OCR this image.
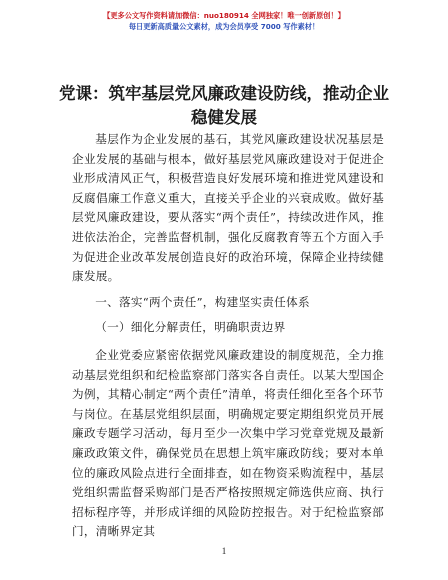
【更多公文写作资料请加微信：nuo180914 全网独家！唯一创新原创！】
每日更新高质量公文素材，成为会员享受 7000 写作素材！
党课：筑牢基层党风廉政建设防线，推动企业
稳健发展

基层作为企业发展的基石，其党风廉政建设状况基层是企业发展的基础与根本，做好基层党风廉政建设对于促进企业形成清风正气，积极营造良好发展环境和推进党风建设和反腐倡廉工作意义重大，直接关乎企业的兴衰成败。做好基层党风廉政建设，要从落实“两个责任”，持续改进作风，推进依法治企，完善监督机制，强化反腐教育等五个方面入手为促进企业改革发展创造良好的政治环境，保障企业持续健康发展。

一、落实“两个责任”，构建坚实责任体系

（一）细化分解责任，明确职责边界

企业党委应紧密依据党风廉政建设的制度规范，全力推动基层党组织和纪检监察部门落实各自责任。以某大型国企为例，其精心制定“两个责任”清单，将责任细化至各个环节与岗位。在基层党组织层面，明确规定要定期组织党员开展廉政专题学习活动，每月至少一次集中学习党章党规及最新廉政政策文件，确保党员在思想上筑牢廉政防线；要对本单位的廉政风险点进行全面排查，如在物资采购流程中，基层党组织需监督采购部门是否严格按照规定筛选供应商、执行招标程序等，并形成详细的风险防控报告。对于纪检监察部门，清晰界定其

1
